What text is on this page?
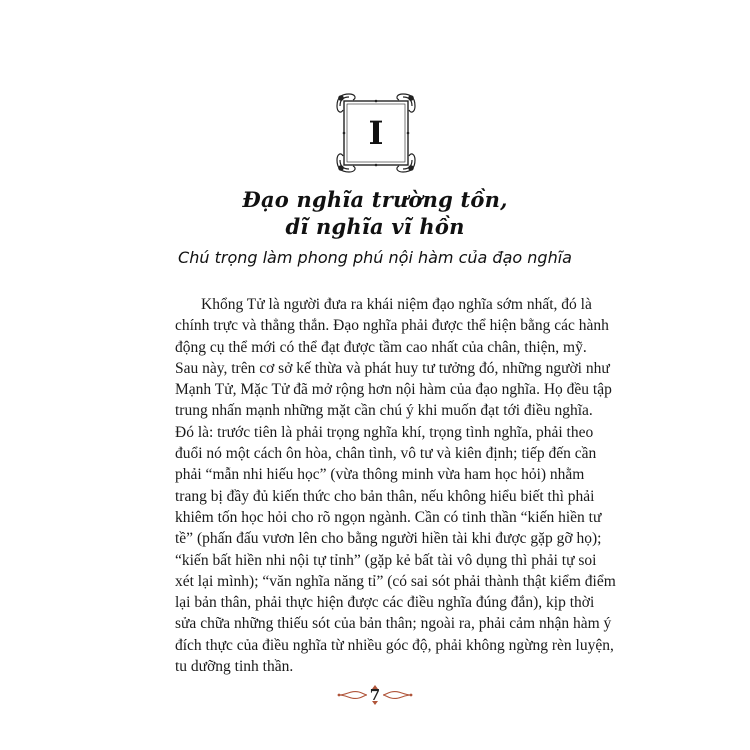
I
Đạo nghĩa trường tồn,
dĩ nghĩa vĩ hồn
Chú trọng làm phong phú nội hàm của đạo nghĩa
Khổng Tử là người đưa ra khái niệm đạo nghĩa sớm nhất, đó là
chính trực và thẳng thắn. Đạo nghĩa phải được thể hiện bằng các hành
động cụ thể mới có thể đạt được tầm cao nhất của chân, thiện, mỹ.
Sau này, trên cơ sở kế thừa và phát huy tư tưởng đó, những người như
Mạnh Tử, Mặc Tử đã mở rộng hơn nội hàm của đạo nghĩa. Họ đều tập
trung nhấn mạnh những mặt cần chú ý khi muốn đạt tới điều nghĩa.
Đó là: trước tiên là phải trọng nghĩa khí, trọng tình nghĩa, phải theo
đuổi nó một cách ôn hòa, chân tình, vô tư và kiên định; tiếp đến cần
phải “mẫn nhi hiếu học” (vừa thông minh vừa ham học hỏi) nhằm
trang bị đầy đủ kiến thức cho bản thân, nếu không hiểu biết thì phải
khiêm tốn học hỏi cho rõ ngọn ngành. Cần có tinh thần “kiến hiền tư
tề” (phấn đấu vươn lên cho bằng người hiền tài khi được gặp gỡ họ);
“kiến bất hiền nhi nội tự tỉnh” (gặp kẻ bất tài vô dụng thì phải tự soi
xét lại mình); “văn nghĩa năng tỉ” (có sai sót phải thành thật kiểm điểm
lại bản thân, phải thực hiện được các điều nghĩa đúng đắn), kịp thời
sửa chữa những thiếu sót của bản thân; ngoài ra, phải cảm nhận hàm ý
đích thực của điều nghĩa từ nhiều góc độ, phải không ngừng rèn luyện,
tu dưỡng tinh thần.
7
